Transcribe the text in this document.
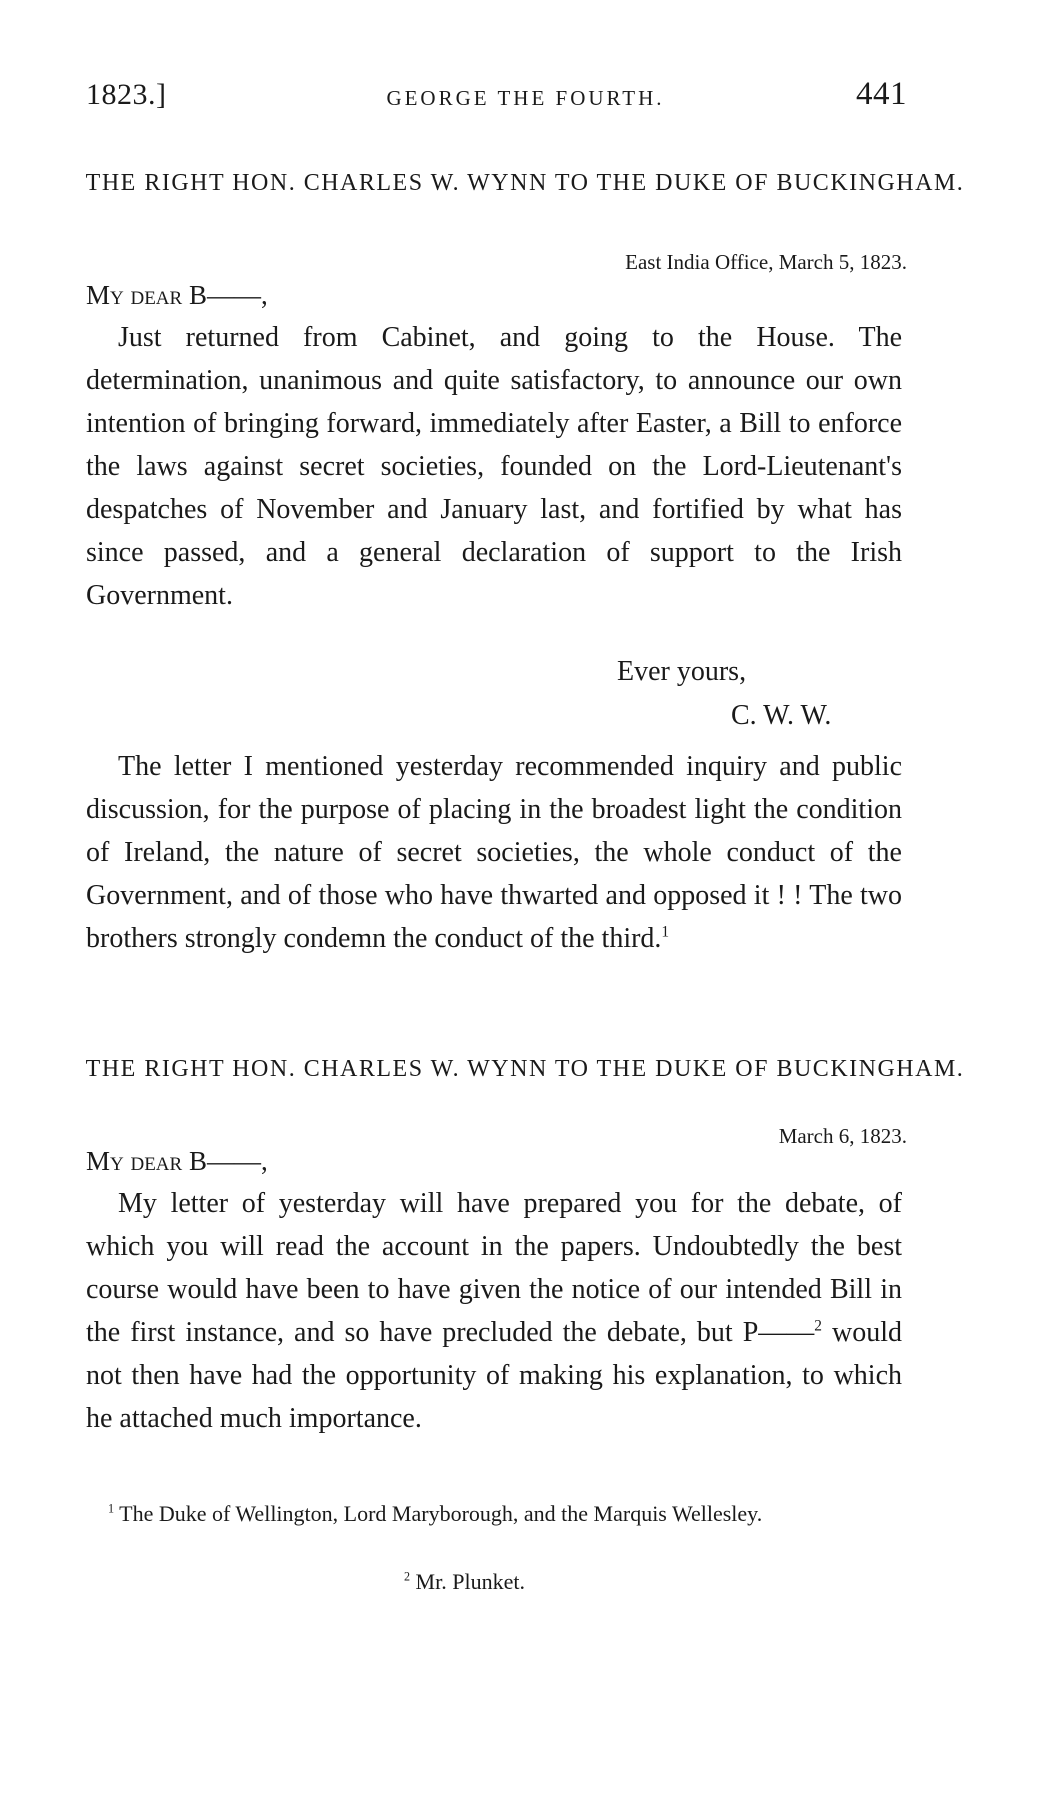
1823.]	GEORGE THE FOURTH.	441
THE RIGHT HON. CHARLES W. WYNN TO THE DUKE OF BUCKINGHAM.
East India Office, March 5, 1823.
My dear B——,

Just returned from Cabinet, and going to the House. The determination, unanimous and quite satisfactory, to announce our own intention of bringing forward, immediately after Easter, a Bill to enforce the laws against secret societies, founded on the Lord-Lieutenant's despatches of November and January last, and fortified by what has since passed, and a general declaration of support to the Irish Government.

Ever yours,
C. W. W.

The letter I mentioned yesterday recommended inquiry and public discussion, for the purpose of placing in the broadest light the condition of Ireland, the nature of secret societies, the whole conduct of the Government, and of those who have thwarted and opposed it ! ! The two brothers strongly condemn the conduct of the third.$^1$

THE RIGHT HON. CHARLES W. WYNN TO THE DUKE OF BUCKINGHAM.
March 6, 1823.
My dear B——,

My letter of yesterday will have prepared you for the debate, of which you will read the account in the papers. Undoubtedly the best course would have been to have given the notice of our intended Bill in the first instance, and so have precluded the debate, but P——$^2$ would not then have had the opportunity of making his explanation, to which he attached much importance.

$^1$ The Duke of Wellington, Lord Maryborough, and the Marquis Wellesley.
$^2$ Mr. Plunket.
